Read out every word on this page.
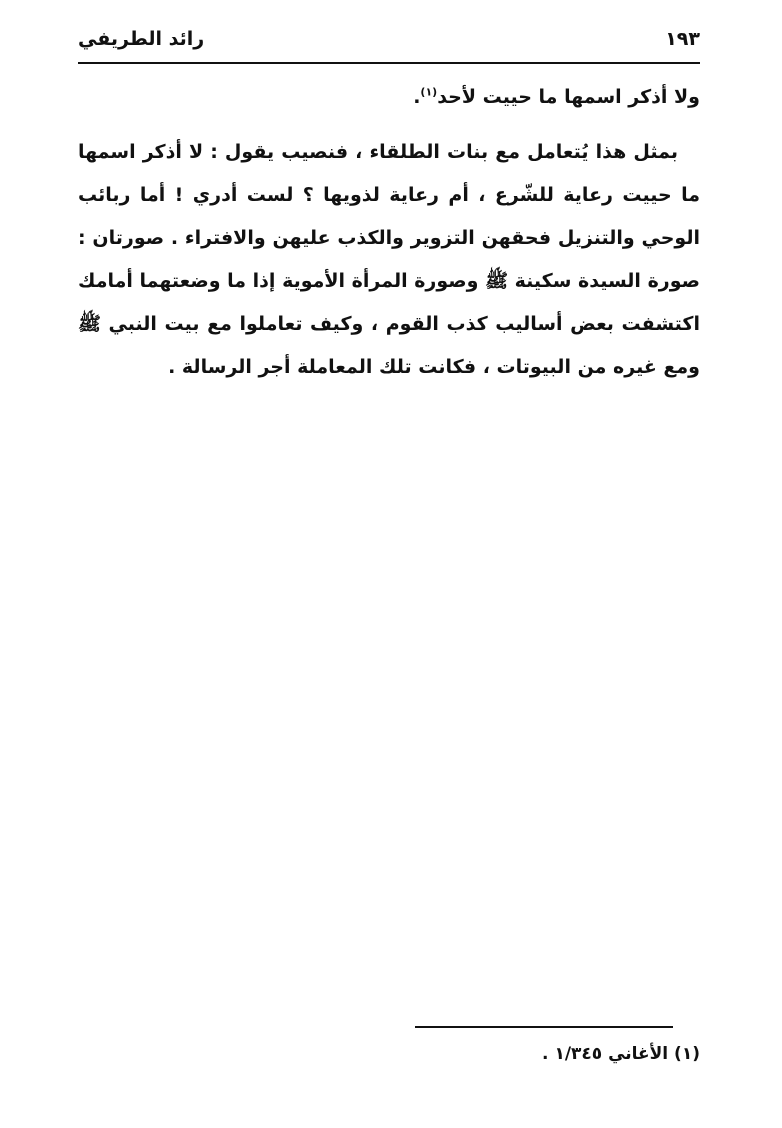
١٩٣
رائد الطريفي

ولا أذكر اسمها ما حييت لأحد$^{(١)}$.

بمثل هذا يُتعامل مع بنات الطلقاء ، فنصيب يقول : لا أذكر اسمها ما حييت رعاية للشّرع ، أم رعاية لذويها ؟ لست أدري ! أما ربائب الوحي والتنزيل فحقهن التزوير والكذب عليهن والافتراء . صورتان : صورة السيدة سكينة ﷺ وصورة المرأة الأموية إذا ما وضعتهما أمامك اكتشفت بعض أساليب كذب القوم ، وكيف تعاملوا مع بيت النبي ﷺ ومع غيره من البيوتات ، فكانت تلك المعاملة أجر الرسالة .

(١) الأغاني ١/٣٤٥ .
